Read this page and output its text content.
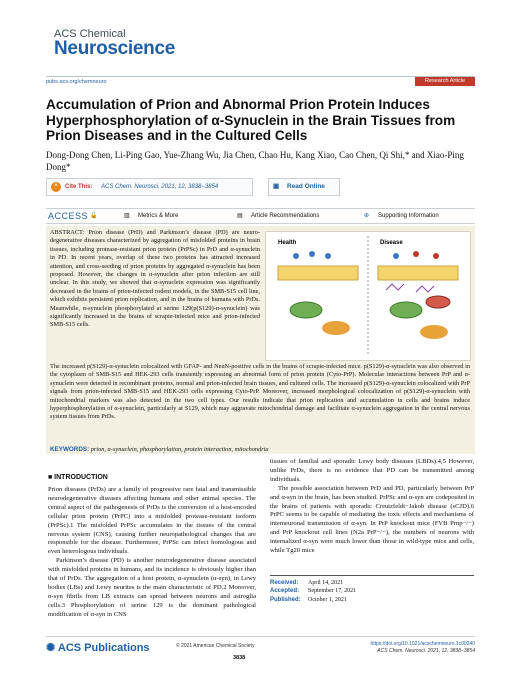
ACS Chemical
Neuroscience
pubs.acs.org/chemneuro	Research Article
Accumulation of Prion and Abnormal Prion Protein Induces Hyperphosphorylation of α-Synuclein in the Brain Tissues from Prion Diseases and in the Cultured Cells
Dong-Dong Chen, Li-Ping Gao, Yue-Zhang Wu, Jia Chen, Chao Hu, Kang Xiao, Cao Chen, Qi Shi,* and Xiao-Ping Dong*
❝	Cite This: ACS Chem. Neurosci. 2021, 12, 3838−3854	▣ Read Online
ACCESS 🔓	▥ Metrics & More	▤ Article Recommendations	⊕ Supporting Information
ABSTRACT: Prion disease (PrD) and Parkinson’s disease (PD) are neuro-degenerative diseases characterized by aggregation of misfolded proteins in brain tissues, including protease-resistant prion protein (PrPSc) in PrD and α-synuclein in PD. In recent years, overlap of these two proteins has attracted increased attention, and cross-seeding of prion proteins by aggregated α-synuclein has been proposed. However, the changes in α-synuclein after prion infection are still unclear. In this study, we showed that α-synuclein expression was significantly decreased in the brains of prion-infected rodent models, in the SMB-S15 cell line, which exhibits persistent prion replication, and in the brains of humans with PrDs. Meanwhile, α-synuclein phosphorylated at serine 129(p(S129)-α-synuclein) was significantly increased in the brains of scrapie-infected mice and prion-infected SMB-S15 cells.
Health	Disease
The increased p(S129)-α-synuclein colocalized with GFAP- and NeuN-positive cells in the brains of scrapie-infected mice. p(S129)-α-synuclein was also observed in the cytoplasm of SMB-S15 and HEK-293 cells transiently expressing an abnormal form of prion protein (Cyto-PrP). Molecular interactions between PrP and α-synuclein were detected in recombinant proteins, normal and prion-infected brain tissues, and cultured cells. The increased p(S129)-α-synuclein colocalized with PrP signals from prion-infected SMB-S15 and HEK-293 cells expressing Cyto-PrP. Moreover, increased morphological colocalization of p(S129)-α-synuclein with mitochondrial markers was also detected in the two cell types. Our results indicate that prion replication and accumulation in cells and brains induce hyperphosphorylation of α-synuclein, particularly at S129, which may aggravate mitochondrial damage and facilitate α-synuclein aggregation in the central nervous system tissues from PrDs.
KEYWORDS: prion, α-synuclein, phosphorylation, protein interaction, mitochondria
■ INTRODUCTION

Prion diseases (PrDs) are a family of progressive rare fatal and transmissible neurodegenerative diseases affecting humans and other animal species. The central aspect of the pathogenesis of PrDs is the conversion of a host-encoded cellular prion protein (PrPC) into a misfolded protease-resistant isoform (PrPSc).1 The misfolded PrPSc accumulates in the tissues of the central nervous system (CNS), causing further neuropathological changes that are responsible for the disease. Furthermore, PrPSc can infect homologous and even heterologous individuals.

Parkinson’s disease (PD) is another neurodegenerative disease associated with misfolded proteins in humans, and its incidence is obviously higher than that of PrDs. The aggregation of a host protein, α-synuclein (α-syn), in Lewy bodies (LBs) and Lewy neurites is the main characteristic of PD.2 Moreover, α-syn fibrils from LB extracts can spread between neurons and astroglia cells.3 Phosphorylation of serine 129 is the dominant pathological modification of α-syn in CNS

tissues of familial and sporadic Lewy body diseases (LBDs).4,5 However, unlike PrDs, there is no evidence that PD can be transmitted among individuals.

The possible association between PrD and PD, particularly between PrP and α-syn in the brain, has been studied. PrPSc and α-syn are codeposited in the brains of patients with sporadic Creutzfeldt−Jakob disease (sCJD).6 PrPC seems to be capable of mediating the toxic effects and mechanisms of intemeuronal transmission of α-syn. In PrP knockout mice (FVB Prnp−/−) and PrP knockout cell lines (N2a PrP−/−), the numbers of neurons with internalized α-syn were much lower than those in wild-type mice and cells, while Tg20 mice

Received: April 14, 2021
Accepted: September 17, 2021
Published: October 1, 2021
✺ ACS Publications	© 2021 American Chemical Society
3838
https://doi.org/10.1021/acschemneuro.1c00240
ACS Chem. Neurosci. 2021, 12, 3838−3854
